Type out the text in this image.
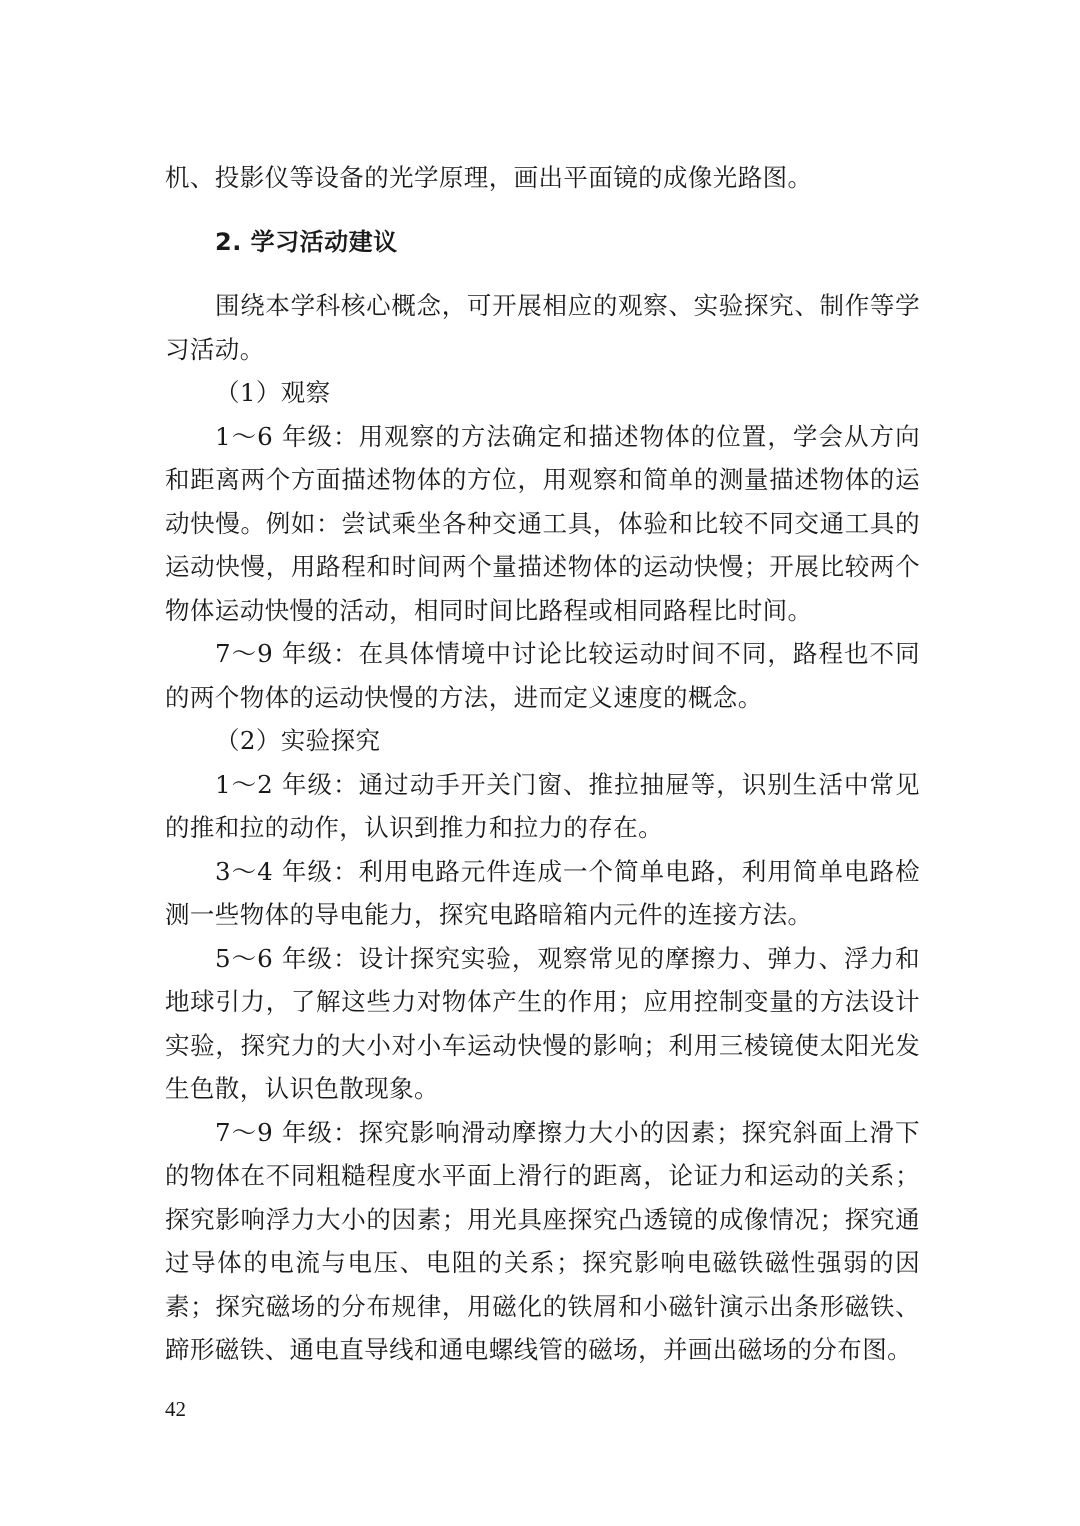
机、投影仪等设备的光学原理，画出平面镜的成像光路图。

2. 学习活动建议

围绕本学科核心概念，可开展相应的观察、实验探究、制作等学习活动。

（1）观察

1～6 年级：用观察的方法确定和描述物体的位置，学会从方向和距离两个方面描述物体的方位，用观察和简单的测量描述物体的运动快慢。例如：尝试乘坐各种交通工具，体验和比较不同交通工具的运动快慢，用路程和时间两个量描述物体的运动快慢；开展比较两个物体运动快慢的活动，相同时间比路程或相同路程比时间。

7～9 年级：在具体情境中讨论比较运动时间不同，路程也不同的两个物体的运动快慢的方法，进而定义速度的概念。

（2）实验探究

1～2 年级：通过动手开关门窗、推拉抽屉等，识别生活中常见的推和拉的动作，认识到推力和拉力的存在。

3～4 年级：利用电路元件连成一个简单电路，利用简单电路检测一些物体的导电能力，探究电路暗箱内元件的连接方法。

5～6 年级：设计探究实验，观察常见的摩擦力、弹力、浮力和地球引力，了解这些力对物体产生的作用；应用控制变量的方法设计实验，探究力的大小对小车运动快慢的影响；利用三棱镜使太阳光发生色散，认识色散现象。

7～9 年级：探究影响滑动摩擦力大小的因素；探究斜面上滑下的物体在不同粗糙程度水平面上滑行的距离，论证力和运动的关系；探究影响浮力大小的因素；用光具座探究凸透镜的成像情况；探究通过导体的电流与电压、电阻的关系；探究影响电磁铁磁性强弱的因素；探究磁场的分布规律，用磁化的铁屑和小磁针演示出条形磁铁、蹄形磁铁、通电直导线和通电螺线管的磁场，并画出磁场的分布图。

42
